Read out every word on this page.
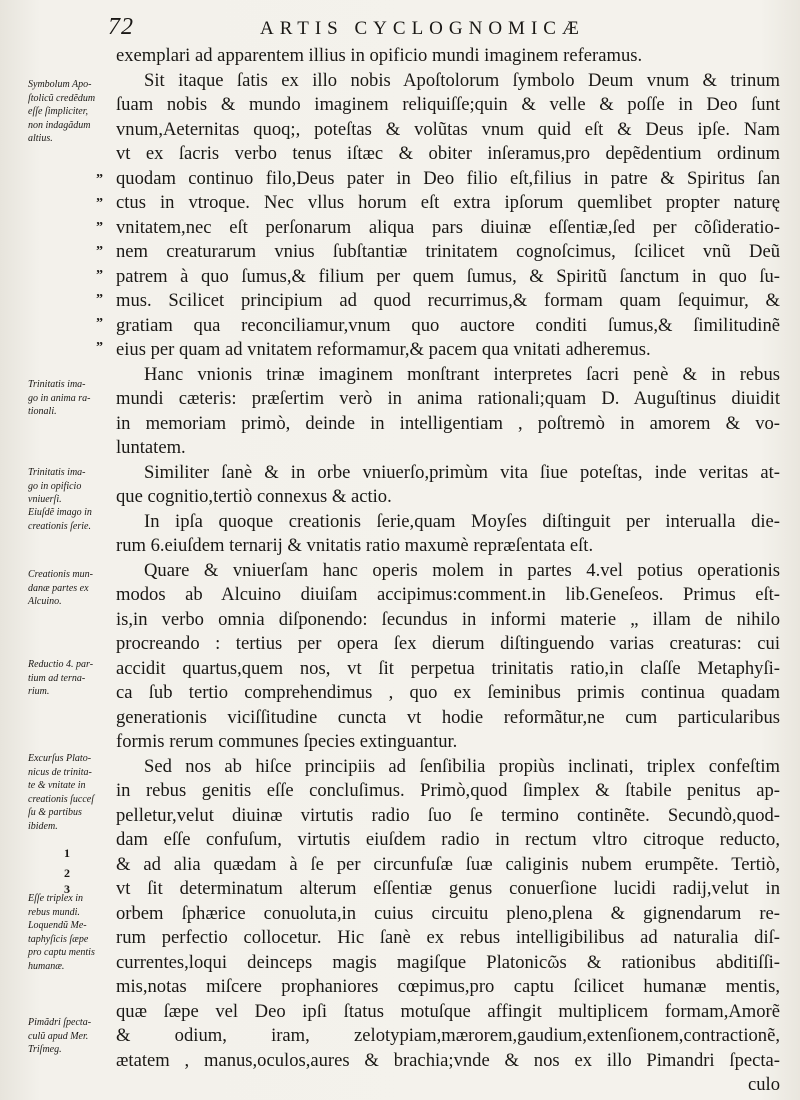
72	ARTIS CYCLOGNOMICÆ
Symbolum Apo-
ſtolicũ credẽdum
eſſe ſimpliciter,
non indagãdum
altius.
Trinitatis ima-
go in anima ra-
tionali.
Trinitatis ima-
go in opificio
vniuerſi.
Eiuſdẽ imago in
creationis ſerie.
Creationis mun-
danæ partes ex
Alcuino.
Reductio 4. par-
tium ad terna-
rium.
Excurſus Plato-
nicus de trinita-
te & vnitate in
creationis ſucceſ
ſu & partibus
ibidem.
Eſſe triplex in
rebus mundi.
Loquendũ Me-
taphyſicis ſæpe
pro captu mentis
humanæ.
Pimãdri ſpecta-
culũ apud Mer.
Triſmeg.
”
”
”
”
”
”
”
”
1
2
3
exemplari ad apparentem illius in opificio mundi imaginem referamus.
Sit itaque ſatis ex illo nobis Apoſtolorum ſymbolo Deum vnum & trinum
ſuam nobis & mundo imaginem reliquiſſe;quin & velle & poſſe in Deo ſunt
vnum,Aeternitas quoq;, poteſtas & volũtas vnum quid eſt & Deus ipſe. Nam
vt ex ſacris verbo tenus iſtæc & obiter inſeramus,pro depẽdentium ordinum
quodam continuo filo,Deus pater in Deo filio eſt,filius in patre & Spiritus ſan
ctus in vtroque. Nec vllus horum eſt extra ipſorum quemlibet propter naturę
vnitatem,nec eſt perſonarum aliqua pars diuinæ eſſentiæ,ſed per cõſideratio-
nem creaturarum vnius ſubſtantiæ trinitatem cognoſcimus, ſcilicet vnũ Deũ
patrem à quo ſumus,& filium per quem ſumus, & Spiritũ ſanctum in quo ſu-
mus. Scilicet principium ad quod recurrimus,& formam quam ſequimur, &
gratiam qua reconciliamur,vnum quo auctore conditi ſumus,& ſimilitudinẽ
eius per quam ad vnitatem reformamur,& pacem qua vnitati adheremus.
Hanc vnionis trinæ imaginem monſtrant interpretes ſacri penè & in rebus
mundi cæteris: præſertim verò in anima rationali;quam D. Auguſtinus diuidit
in memoriam primò, deinde in intelligentiam , poſtremò in amorem & vo-
luntatem.
Similiter ſanè & in orbe vniuerſo,primùm vita ſiue poteſtas, inde veritas at-
que cognitio,tertiò connexus & actio.
In ipſa quoque creationis ſerie,quam Moyſes diſtinguit per interualla die-
rum 6.eiuſdem ternarij & vnitatis ratio maxumè repræſentata eſt.
Quare & vniuerſam hanc operis molem in partes 4.vel potius operationis
modos ab Alcuino diuiſam accipimus:comment.in lib.Geneſeos. Primus eſt-
is,in verbo omnia diſponendo: ſecundus in informi materie „ illam de nihilo
procreando : tertius per opera ſex dierum diſtinguendo varias creaturas: cui
accidit quartus,quem nos, vt ſit perpetua trinitatis ratio,in claſſe Metaphyſi-
ca ſub tertio comprehendimus , quo ex ſeminibus primis continua quadam
generationis viciſſitudine cuncta vt hodie reformãtur,ne cum particularibus
formis rerum communes ſpecies extinguantur.
Sed nos ab hiſce principiis ad ſenſibilia propiùs inclinati, triplex confeſtim
in rebus genitis eſſe concluſimus. Primò,quod ſimplex & ſtabile penitus ap-
pelletur,velut diuinæ virtutis radio ſuo ſe termino continẽte. Secundò,quod-
dam eſſe confuſum, virtutis eiuſdem radio in rectum vltro citroque reducto,
& ad alia quædam à ſe per circunfuſæ ſuæ caliginis nubem erumpẽte. Tertiò,
vt ſit determinatum alterum eſſentiæ genus conuerſione lucidi radij,velut in
orbem ſphærice conuoluta,in cuius circuitu pleno,plena & gignendarum re-
rum perfectio collocetur. Hic ſanè ex rebus intelligibilibus ad naturalia diſ-
currentes,loqui deinceps magis magiſque Platonicῶs & rationibus abditiſſi-
mis,notas miſcere prophaniores cœpimus,pro captu ſcilicet humanæ mentis,
quæ ſæpe vel Deo ipſi ſtatus motuſque affingit multiplicem formam,Amorẽ
& odium, iram, zelotypiam,mærorem,gaudium,extenſionem,contractionẽ,
ætatem , manus,oculos,aures & brachia;vnde & nos ex illo Pimandri ſpecta-
culo
